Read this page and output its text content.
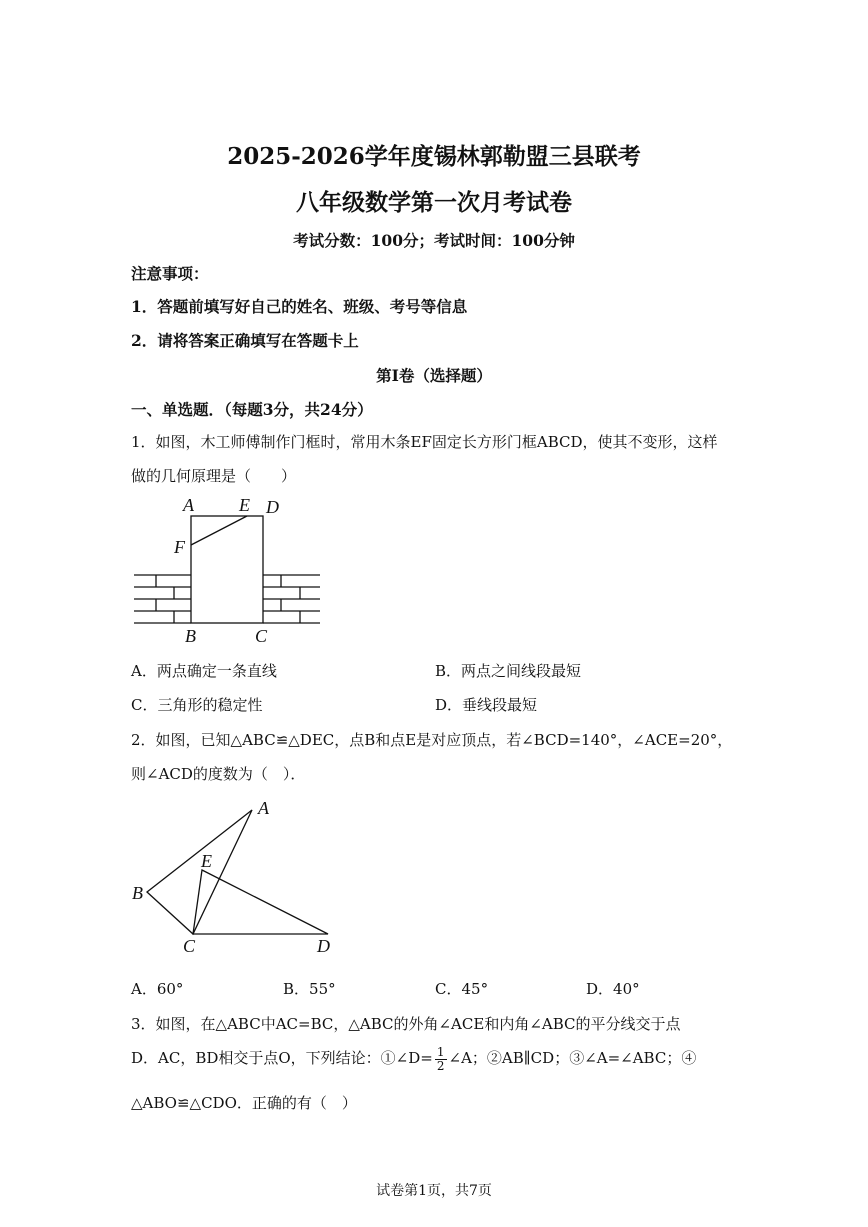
2025-2026学年度锡林郭勒盟三县联考
八年级数学第一次月考试卷
考试分数：100分；考试时间：100分钟
注意事项：
1．答题前填写好自己的姓名、班级、考号等信息
2．请将答案正确填写在答题卡上
第I卷（选择题）
一、单选题．（每题3分，共24分）
1．如图，木工师傅制作门框时，常用木条EF固定长方形门框ABCD，使其不变形，这样
做的几何原理是（　　）
A	E D
F
B	C
A．两点确定一条直线	B．两点之间线段最短
C．三角形的稳定性	D．垂线段最短
2．如图，已知△ABC≌△DEC，点B和点E是对应顶点，若∠BCD=140°，∠ACE=20°，
则∠ACD的度数为（　）．
A
E
B
C	D
A．60°	B．55°	C．45°	D．40°
3．如图，在△ABC中AC=BC，△ABC的外角∠ACE和内角∠ABC的平分线交于点
D．AC，BD相交于点O，下列结论：①∠D= $\frac{1}{2}$ ∠A；②AB∥CD；③∠A=∠ABC；④
△ABO≌△CDO．正确的有（　）
试卷第1页，共7页
